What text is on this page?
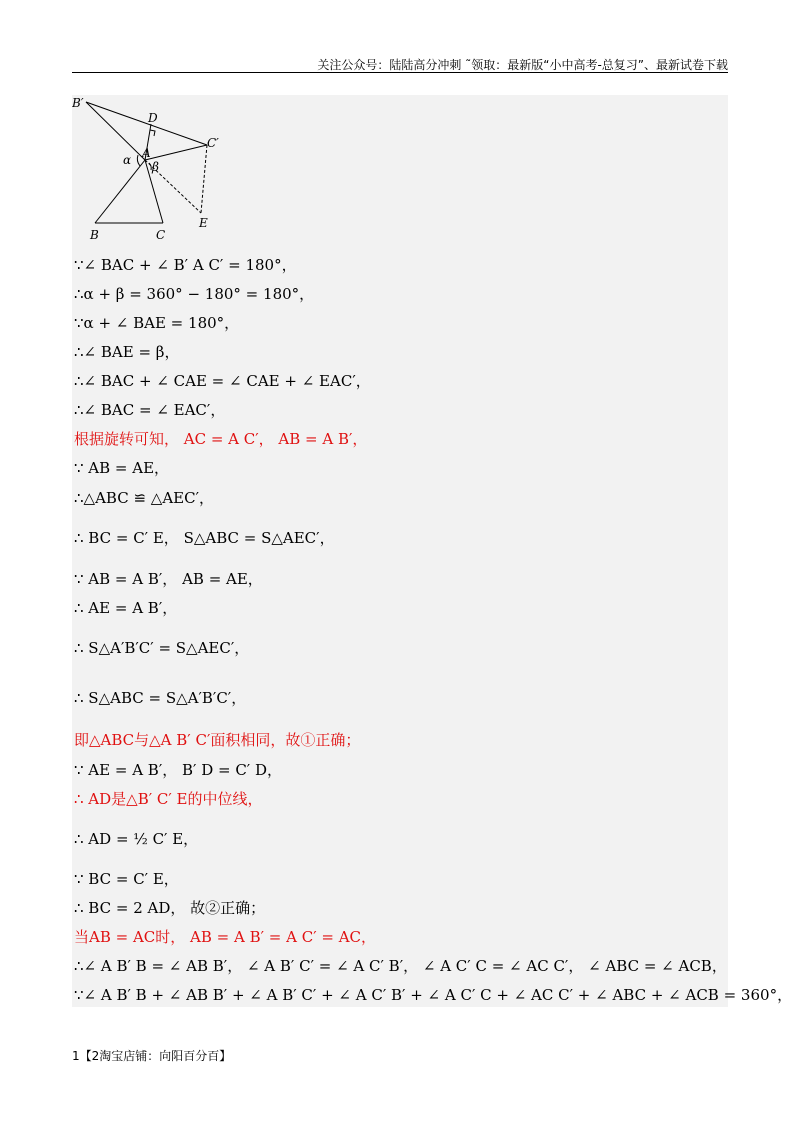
关注公众号：陆陆高分冲刺 ˜领取：最新版“小中高考-总复习”、最新试卷下载
B′
D
C′
α A
β
E
B	C
∵∠ BAC + ∠ B′ A C′ = 180°，
∴α + β = 360° − 180° = 180°，
∵α + ∠ BAE = 180°，
∴∠ BAE = β，
∴∠ BAC + ∠ CAE = ∠ CAE + ∠ EAC′，
∴∠ BAC = ∠ EAC′，
根据旋转可知， AC = A C′， AB = A B′，
∵ AB = AE，
∴△ABC ≌ △AEC′，
∴ BC = C′ E， S△ABC = S△AEC′，
∵ AB = A B′， AB = AE，
∴ AE = A B′，
∴ S△A′B′C′ = S△AEC′，
∴ S△ABC = S△A′B′C′，
即△ABC与△A B′ C′面积相同，故①正确；
∵ AE = A B′， B′ D = C′ D，
∴ AD是△B′ C′ E的中位线，
∴ AD = ½ C′ E，
∵ BC = C′ E，
∴ BC = 2 AD， 故②正确；
当AB = AC时， AB = A B′ = A C′ = AC，
∴∠ A B′ B = ∠ AB B′， ∠ A B′ C′ = ∠ A C′ B′， ∠ A C′ C = ∠ AC C′， ∠ ABC = ∠ ACB，
∵∠ A B′ B + ∠ AB B′ + ∠ A B′ C′ + ∠ A C′ B′ + ∠ A C′ C + ∠ AC C′ + ∠ ABC + ∠ ACB = 360°，
1【2淘宝店铺：向阳百分百】
